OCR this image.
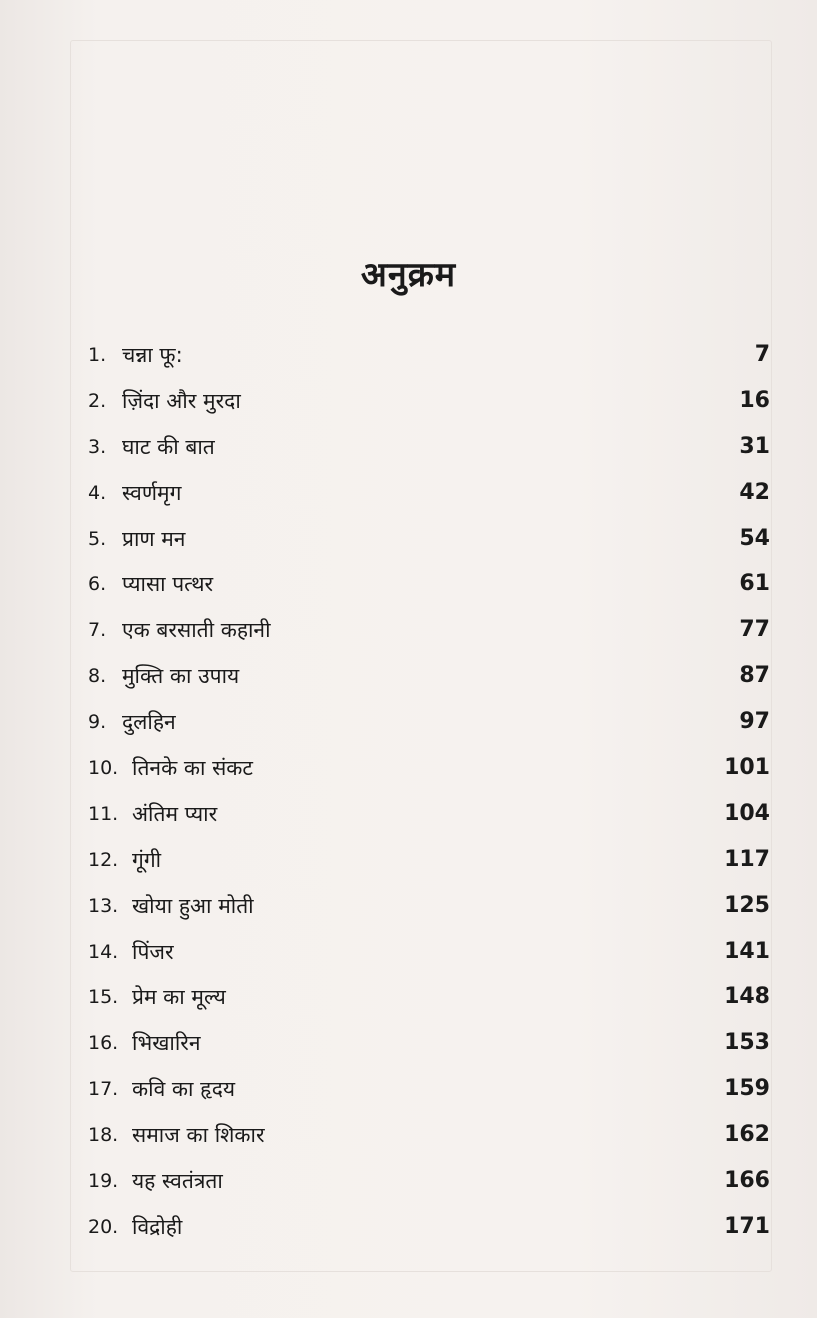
अनुक्रम
1. चन्ना फू:	7
2. ज़िंदा और मुरदा	16
3. घाट की बात	31
4. स्वर्णमृग	42
5. प्राण मन	54
6. प्यासा पत्थर	61
7. एक बरसाती कहानी	77
8. मुक्ति का उपाय	87
9. दुलहिन	97
10. तिनके का संकट	101
11. अंतिम प्यार	104
12. गूंगी	117
13. खोया हुआ मोती	125
14. पिंजर	141
15. प्रेम का मूल्य	148
16. भिखारिन	153
17. कवि का हृदय	159
18. समाज का शिकार	162
19. यह स्वतंत्रता	166
20. विद्रोही	171
